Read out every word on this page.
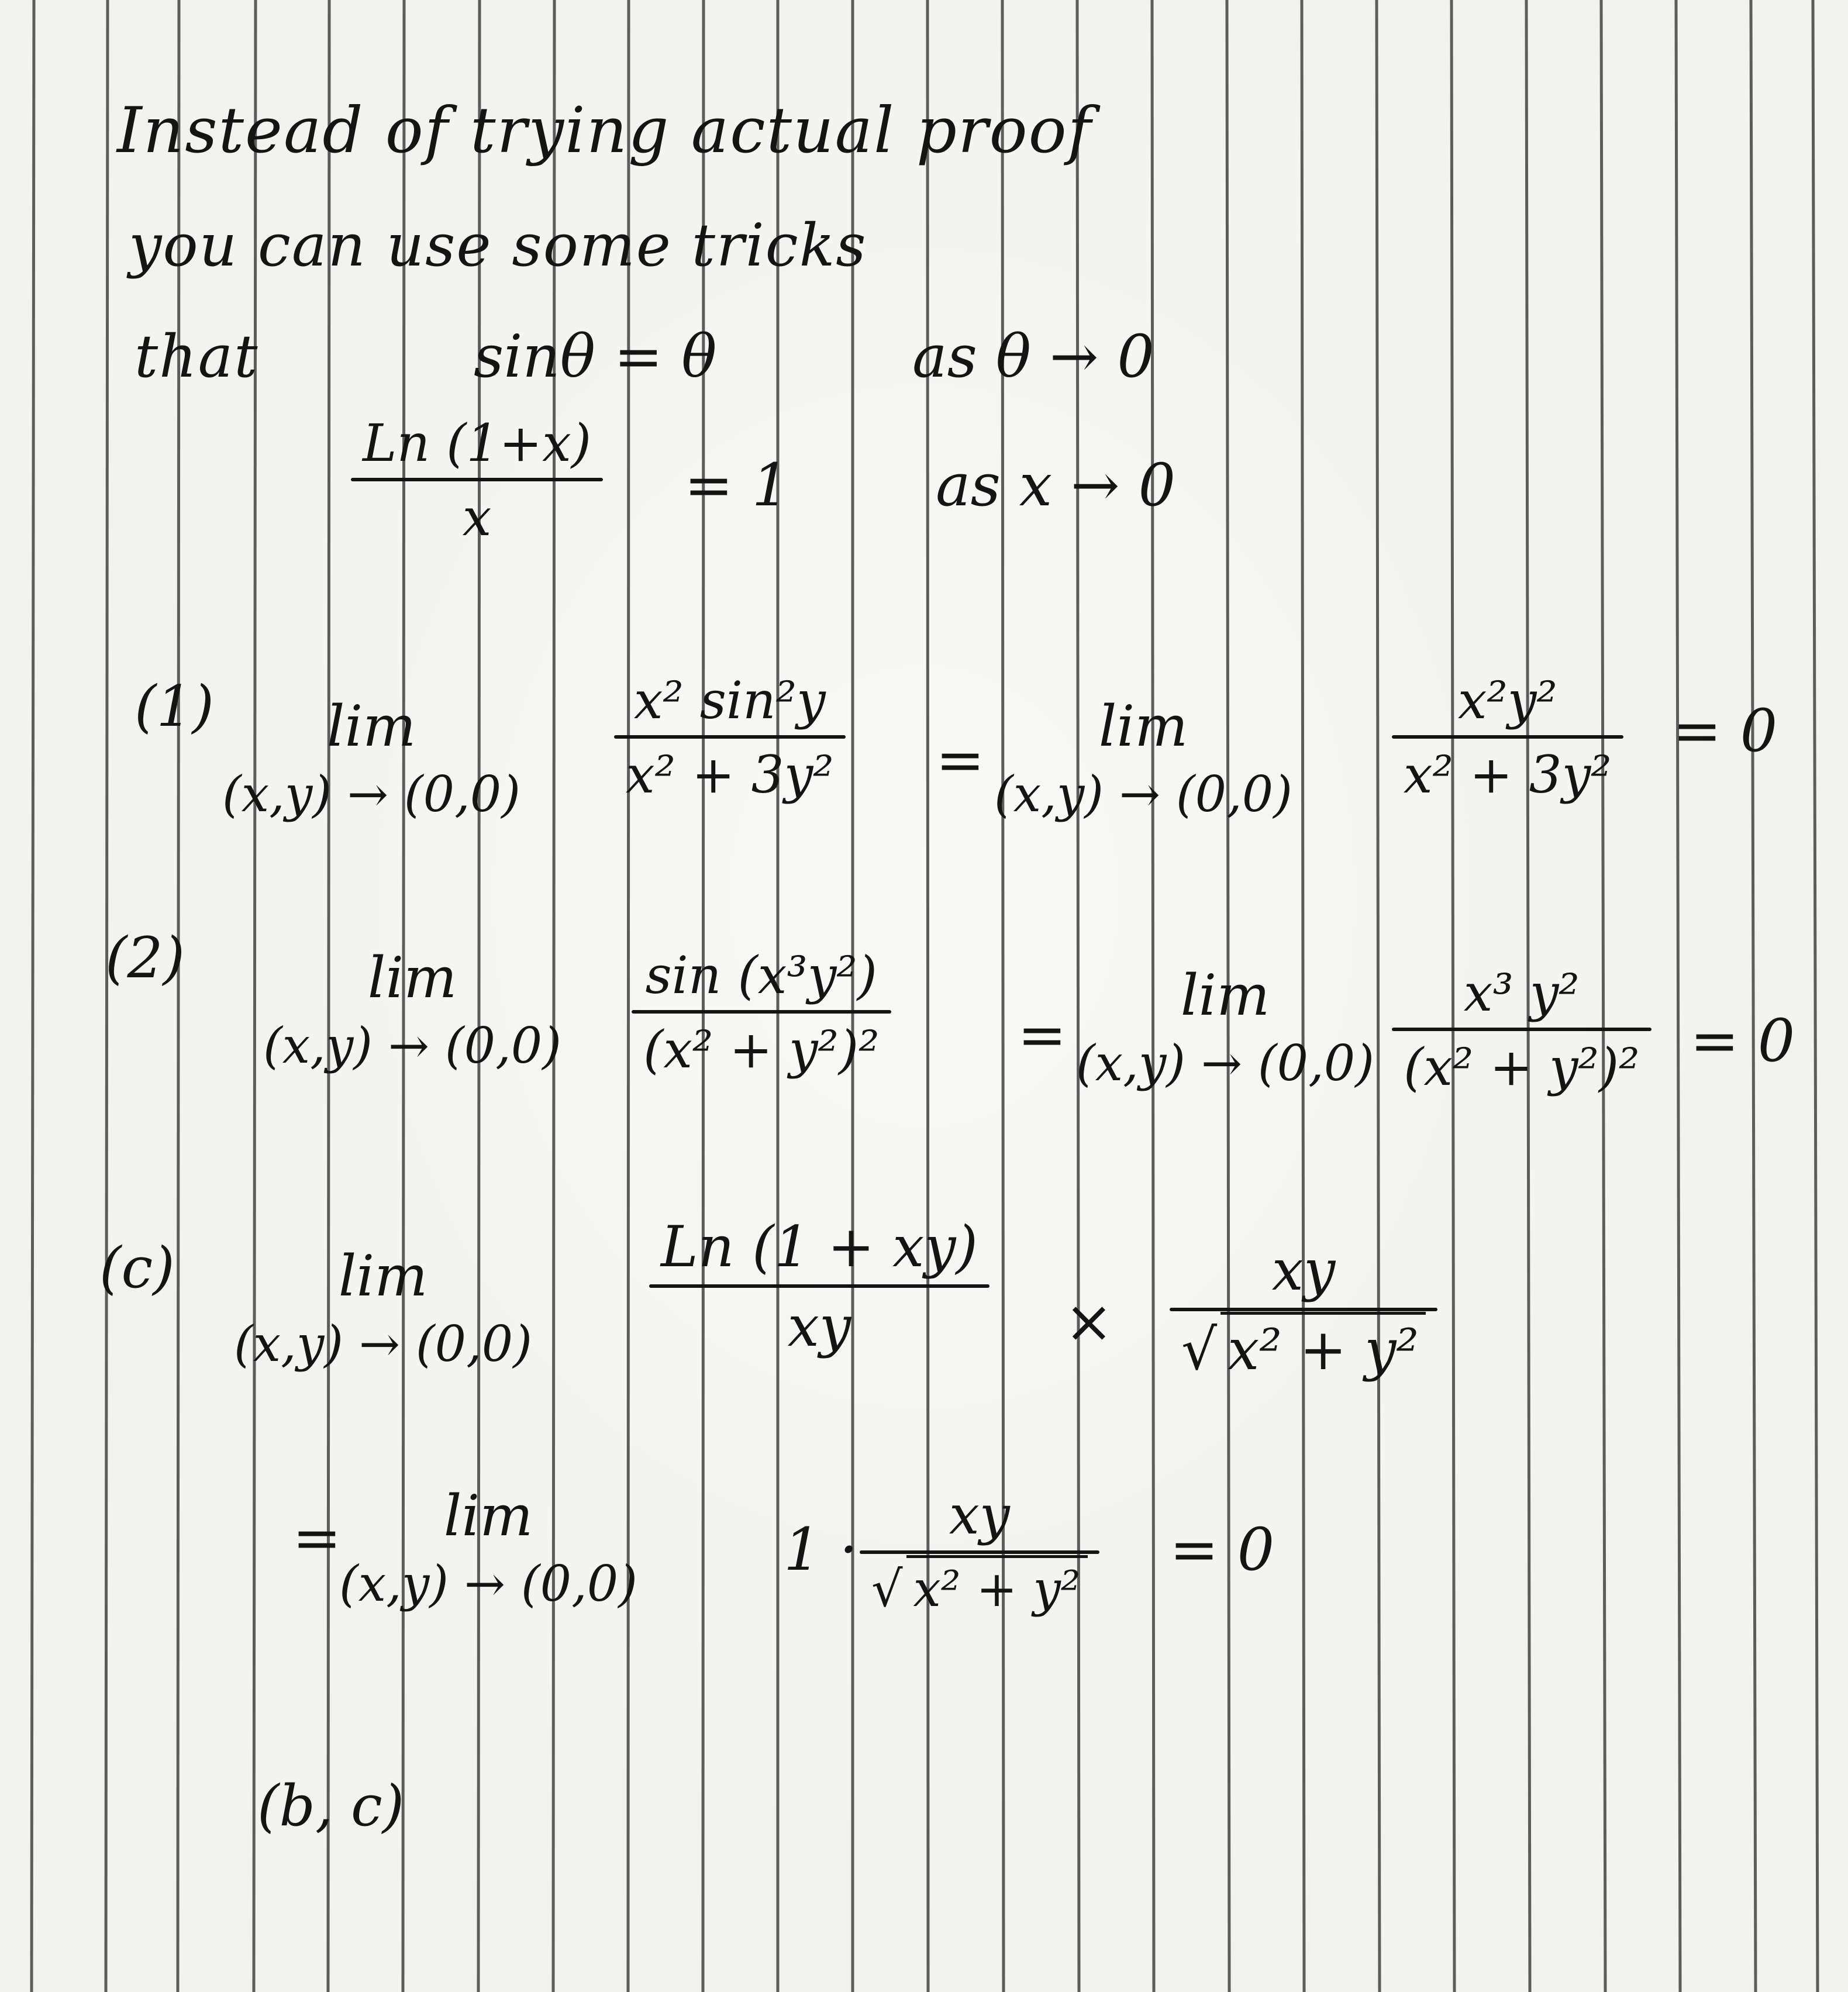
Instead of trying actual proof
you can use some tricks
that	sinθ = θ	as θ → 0
Ln (1+x)
x	= 1	as x → 0
(1) lim
(x,y) → (0,0)
x² sin²y
x² + 3y² = lim
(x,y) → (0,0)
x²y²
x² + 3y²
= 0
(2)	lim
(x,y) → (0,0)
sin (x³y²)
(x² + y²)² =
lim
(x,y) → (0,0)
x³ y²
(x² + y²)² = 0
(c)	lim
(x,y) → (0,0)
Ln (1 + xy)
xy	×
xy
√ x² + y²
= lim
(x,y) → (0,0)	1 ·
xy
√ x² + y²
= 0
(b, c)
